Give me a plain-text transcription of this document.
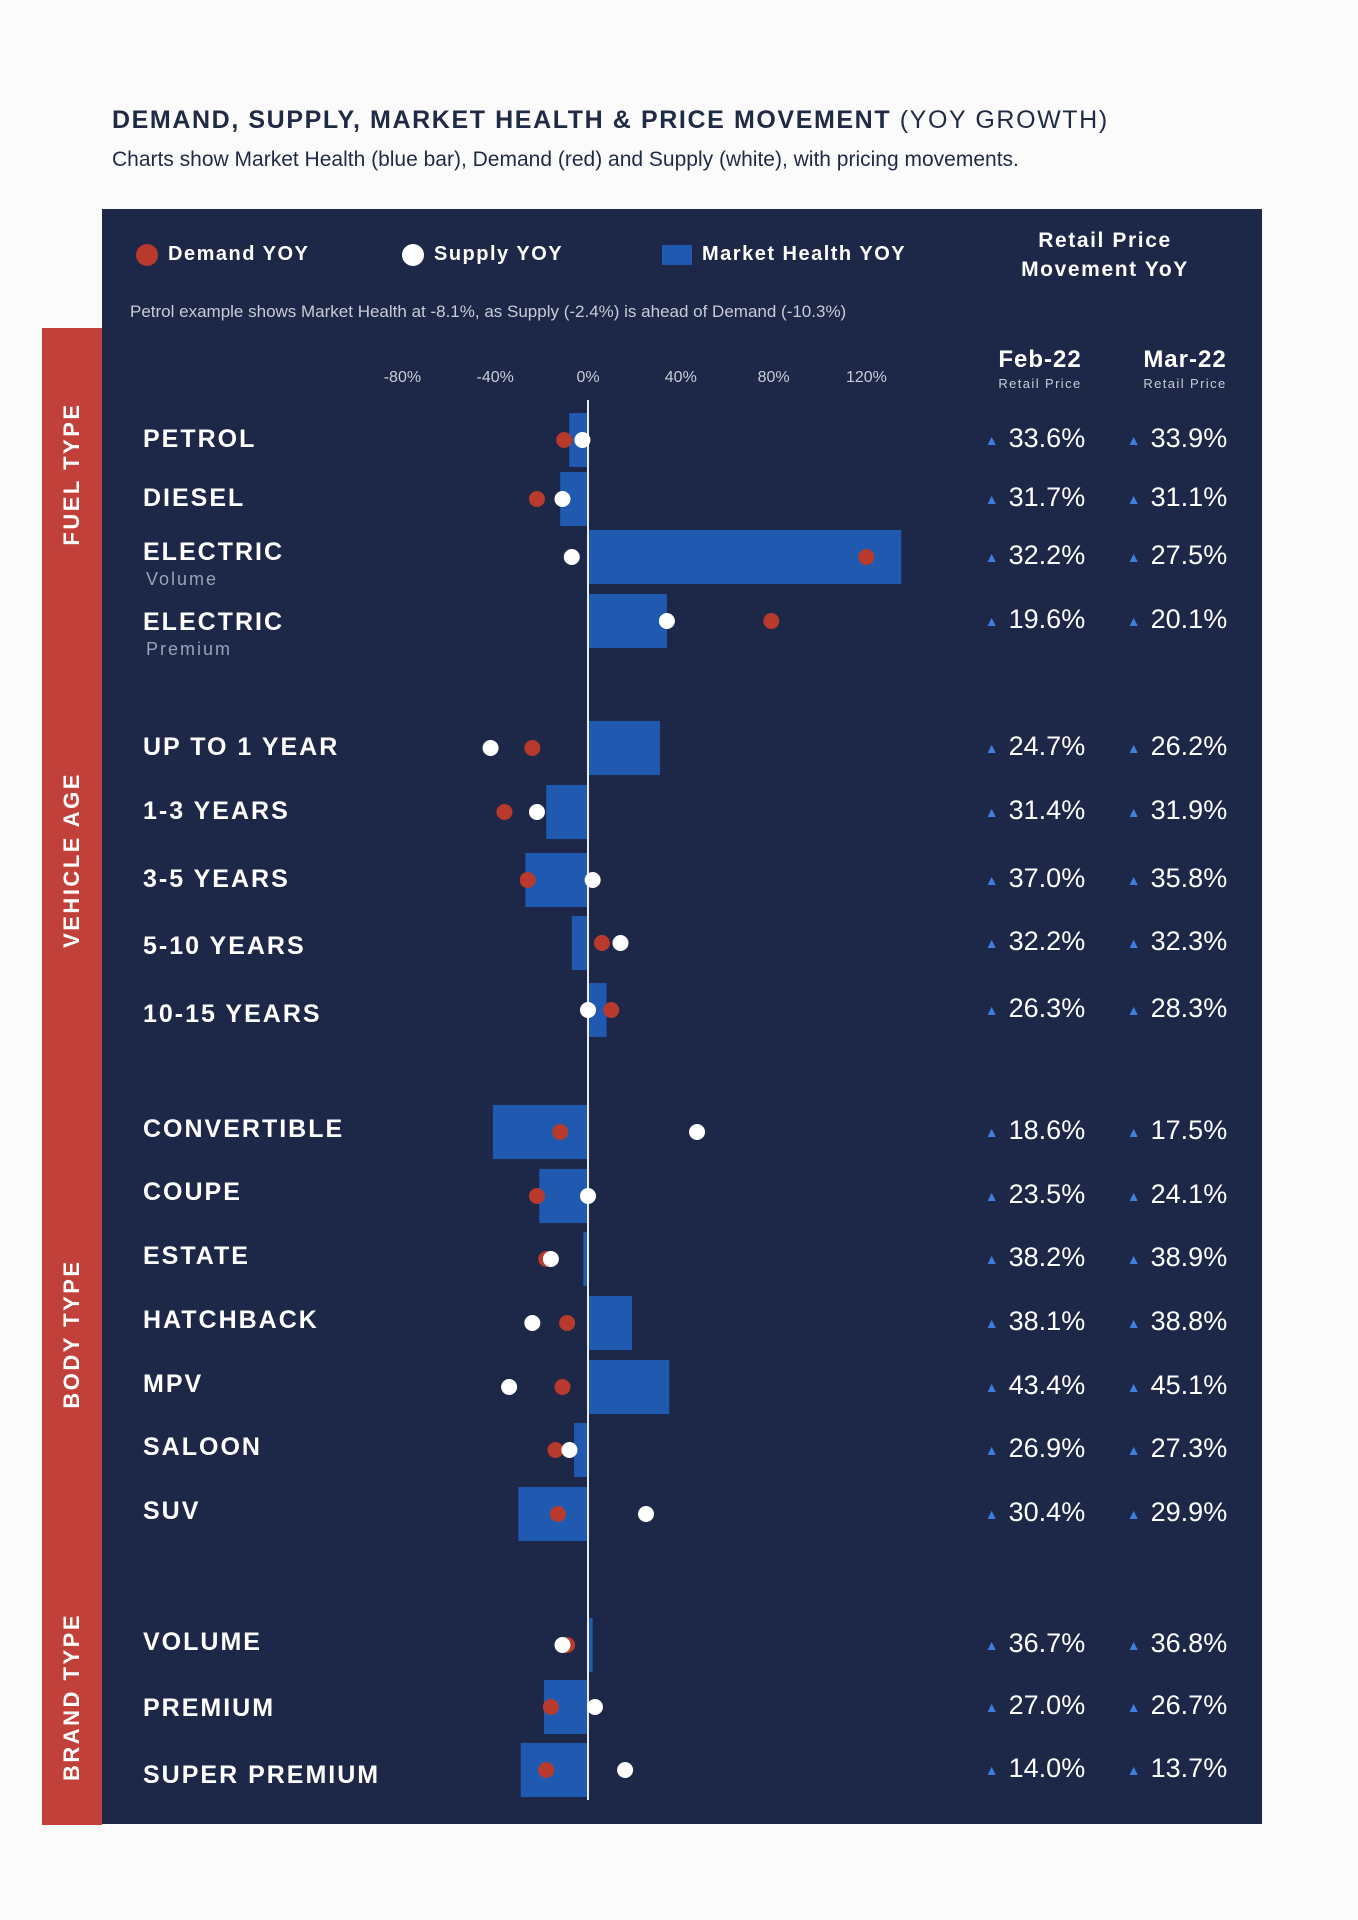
DEMAND, SUPPLY, MARKET HEALTH & PRICE MOVEMENT (YOY GROWTH)
Charts show Market Health (blue bar), Demand (red) and Supply (white), with pricing movements.
Demand YOY	Supply YOY	Market Health YOY
Retail Price
Movement YoY
Petrol example shows Market Health at -8.1%, as Supply (-2.4%) is ahead of Demand (-10.3%)
Feb-22
Retail Price
Mar-22
Retail Price
-80%	-40%	0%	40%	80%	120%
FUEL TYPE
VEHICLE AGE
BODY TYPE
BRAND TYPE
PETROL	▲ 33.6%	▲ 33.9%
DIESEL	▲ 31.7%	▲ 31.1%
ELECTRIC
Volume
▲ 32.2%	▲ 27.5%
ELECTRIC
Premium
▲ 19.6%	▲ 20.1%
UP TO 1 YEAR	▲ 24.7%	▲ 26.2%
1-3 YEARS	▲ 31.4%	▲ 31.9%
3-5 YEARS	▲ 37.0%	▲ 35.8%
5-10 YEARS	▲ 32.2%	▲ 32.3%
10-15 YEARS	▲ 26.3%	▲ 28.3%
CONVERTIBLE	▲ 18.6%	▲ 17.5%
COUPE	▲ 23.5%	▲ 24.1%
ESTATE	▲ 38.2%	▲ 38.9%
HATCHBACK	▲ 38.1%	▲ 38.8%
MPV	▲ 43.4%	▲ 45.1%
SALOON	▲ 26.9%	▲ 27.3%
SUV	▲ 30.4%	▲ 29.9%
VOLUME	▲ 36.7%	▲ 36.8%
PREMIUM	▲ 27.0%	▲ 26.7%
SUPER PREMIUM	▲ 14.0%	▲ 13.7%
